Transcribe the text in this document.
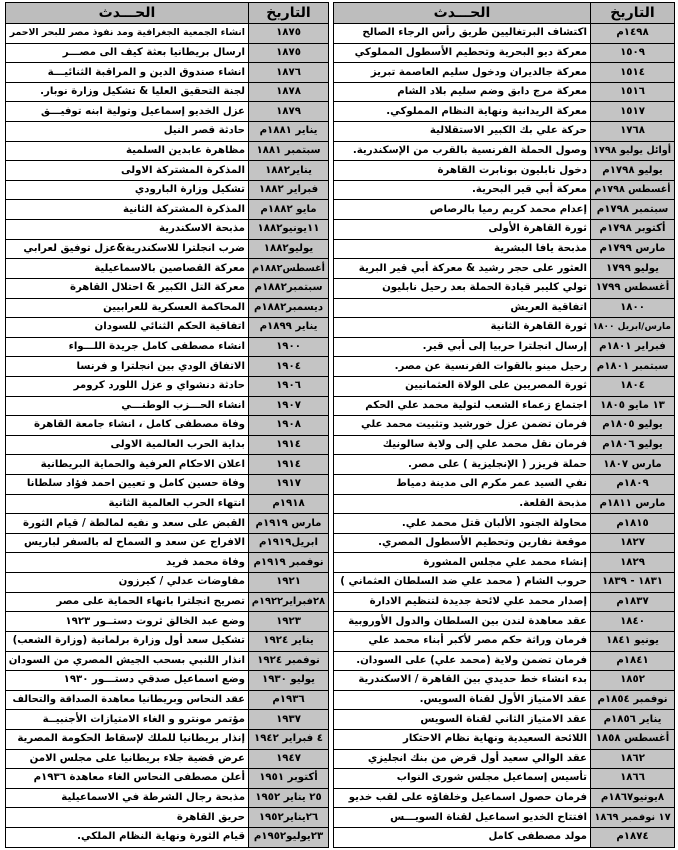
التاريخ	الحـــدث
١٤٩٨م	اكتشاف البرتغاليين طريق رأس الرجاء الصالح
١٥٠٩	معركة ديو البحرية وتحطيم الأسطول المملوكي
١٥١٤	معركة جالديران ودخول سليم العاصمة تبريز
١٥١٦	معركة مرج دابق وضم سليم بلاد الشام
١٥١٧	معركة الريدانية ونهاية النظام المملوكي.
١٧٦٨	حركة علي بك الكبير الاستقلالية
أوائل يوليو ١٧٩٨	وصول الحملة الفرنسية بالقرب من الإسكندرية.
يوليو ١٧٩٨م	دخول نابليون بونابرت القاهرة
أغسطس ١٧٩٨م	معركة أبي قير البحرية.
سبتمبر ١٧٩٨م	إعدام محمد كريم رميا بالرصاص
أكتوبر ١٧٩٨م	ثورة القاهرة الأولى
مارس ١٧٩٩م	مذبحة يافا البشرية
يوليو ١٧٩٩	العثور على حجر رشيد & معركة أبي قير البرية
أغسطس ١٧٩٩	تولي كليبر قيادة الحملة بعد رحيل نابليون
١٨٠٠	اتفاقية العريش
مارس/ابريل ١٨٠٠	ثورة القاهرة الثانية
فبراير ١٨٠١م	إرسال انجلترا حربيا إلى أبي قير.
سبتمبر ١٨٠١م	رحيل مينو بالقوات الفرنسية عن مصر.
١٨٠٤	ثورة المصريين على الولاة العثمانيين
١٣ مايو ١٨٠٥	اجتماع زعماء الشعب لتولية محمد علي الحكم
يوليو ١٨٠٥م	فرمان تضمن عزل خورشيد وتثبيت محمد علي
يوليو ١٨٠٦م	فرمان نقل محمد علي إلى ولاية سالونيك
مارس ١٨٠٧	حملة فريزر ( الإنجليزية ) على مصر.
١٨٠٩م	نفي السيد عمر مكرم الى مدينة دمياط
مارس ١٨١١م	مذبحة القلعة.
١٨١٥م	محاولة الجنود الألبان قتل محمد علي.
١٨٢٧	موقعة نفارين وتحطيم الأسطول المصري.
١٨٢٩	إنشاء محمد علي مجلس المشورة
١٨٣١ - ١٨٣٩	حروب الشام ( محمد علي ضد السلطان العثماني )
١٨٣٧م	إصدار محمد علي لائحة جديدة لتنظيم الادارة
١٨٤٠	عقد معاهدة لندن بين السلطان والدول الأوروبية
يونيو ١٨٤١	فرمان وراثة حكم مصر لأكبر أبناء محمد علي
١٨٤١م	فرمان تضمن ولاية (محمد علي) على السودان.
١٨٥٢	بدء انشاء خط حديدي بين القاهرة / الاسكندرية
نوفمبر ١٨٥٤م	عقد الامتياز الأول لقناة السويس.
يناير ١٨٥٦م	عقد الامتياز الثاني لقناة السويس
أغسطس ١٨٥٨	اللائحة السعيدية ونهاية نظام الاحتكار
١٨٦٢	عقد الوالي سعيد أول قرض من بنك انجليزي
١٨٦٦	تأسيس إسماعيل مجلس شورى النواب
٨يونيو١٨٦٧م	فرمان حصول اسماعيل وخلفاؤه على لقب خديو
١٧ نوفمبر ١٨٦٩	افتتاح الخديو اسماعيل لقناة السويـــس
١٨٧٤م	مولد مصطفى كامل
التاريخ	الحـــدث
١٨٧٥	انشاء الجمعية الجغرافية ومد نفوذ مصر للبحر الاحمر
١٨٧٥	ارسال بريطانيا بعثة كيف الى مصـــر
١٨٧٦	انشاء صندوق الدين و المراقبة الثنائيـــة
١٨٧٨	لجنة التحقيق العليا & تشكيل وزارة نوبار.
١٨٧٩	عزل الخديو إسماعيل وتولية ابنه توفيـــق
يناير ١٨٨١م	حادثة قصر النيل
سبتمبر ١٨٨١	مظاهرة عابدين السلمية
يناير١٨٨٢	المذكرة المشتركة الاولى
فبراير ١٨٨٢	تشكيل وزارة البارودي
مايو ١٨٨٢م	المذكرة المشتركة الثانية
١١يونيو١٨٨٢	مذبحة الاسكندرية
يوليو١٨٨٢	ضرب انجلترا للاسكندرية&عزل توفيق لعرابي
أغسطس١٨٨٢م	معركة القصاصين بالاسماعيلية
سبتمبر١٨٨٢م	معركة التل الكبير & احتلال القاهرة
ديسمبر١٨٨٢م	المحاكمة العسكرية للعرابيين
يناير ١٨٩٩م	اتفاقية الحكم الثنائي للسودان
١٩٠٠	انشاء مصطفى كامل جريدة اللـــواء
١٩٠٤	الاتفاق الودي بين انجلترا و فرنسا
١٩٠٦	حادثة دنشواي و عزل اللورد كرومر
١٩٠٧	انشاء الحـــزب الوطنـــي
١٩٠٨	وفاة مصطفى كامل ، انشاء جامعة القاهرة
١٩١٤	بداية الحرب العالمية الاولى
١٩١٤	اعلان الاحكام العرفية والحماية البريطانية
١٩١٧	وفاة حسين كامل و تعيين احمد فؤاد سلطانا
١٩١٨م	انتهاء الحرب العالمية الثانية
مارس ١٩١٩م	القبض على سعد و نفيه لمالطة / قيام الثورة
ابريل١٩١٩م	الافراج عن سعد و السماح له بالسفر لباريس
نوفمبر ١٩١٩م	وفاة محمد فريد
١٩٢١	مفاوضات عدلي / كيرزون
٢٨فبراير١٩٢٢م	تصريح انجلترا بانهاء الحماية على مصر
١٩٢٣	وضع عبد الخالق ثروت دستــور ١٩٢٣
يناير ١٩٢٤	تشكيل سعد أول وزارة برلمانية (وزارة الشعب)
نوفمبر ١٩٢٤	انذار اللنبي بسحب الجيش المصري من السودان
يوليو ١٩٣٠	وضع اسماعيل صدقي دستـــور ١٩٣٠
١٩٣٦م	عقد النحاس وبريطانيا معاهدة الصداقة والتحالف
١٩٣٧	مؤتمر مونترو و الغاء الامتيازات الأجنبيــة
٤ فبراير ١٩٤٢	إنذار بريطانيا للملك لإسقاط الحكومة المصرية
١٩٤٧	عرض قضية جلاء بريطانيا على مجلس الامن
أكتوبر ١٩٥١	أعلن مصطفى النحاس الغاء معاهدة ١٩٣٦م
٢٥ يناير ١٩٥٢	مذبحة رجال الشرطة في الاسماعيلية
٢٦يناير١٩٥٢	حريق القاهرة
٢٣يوليو١٩٥٢م	قيام الثورة ونهاية النظام الملكي.
